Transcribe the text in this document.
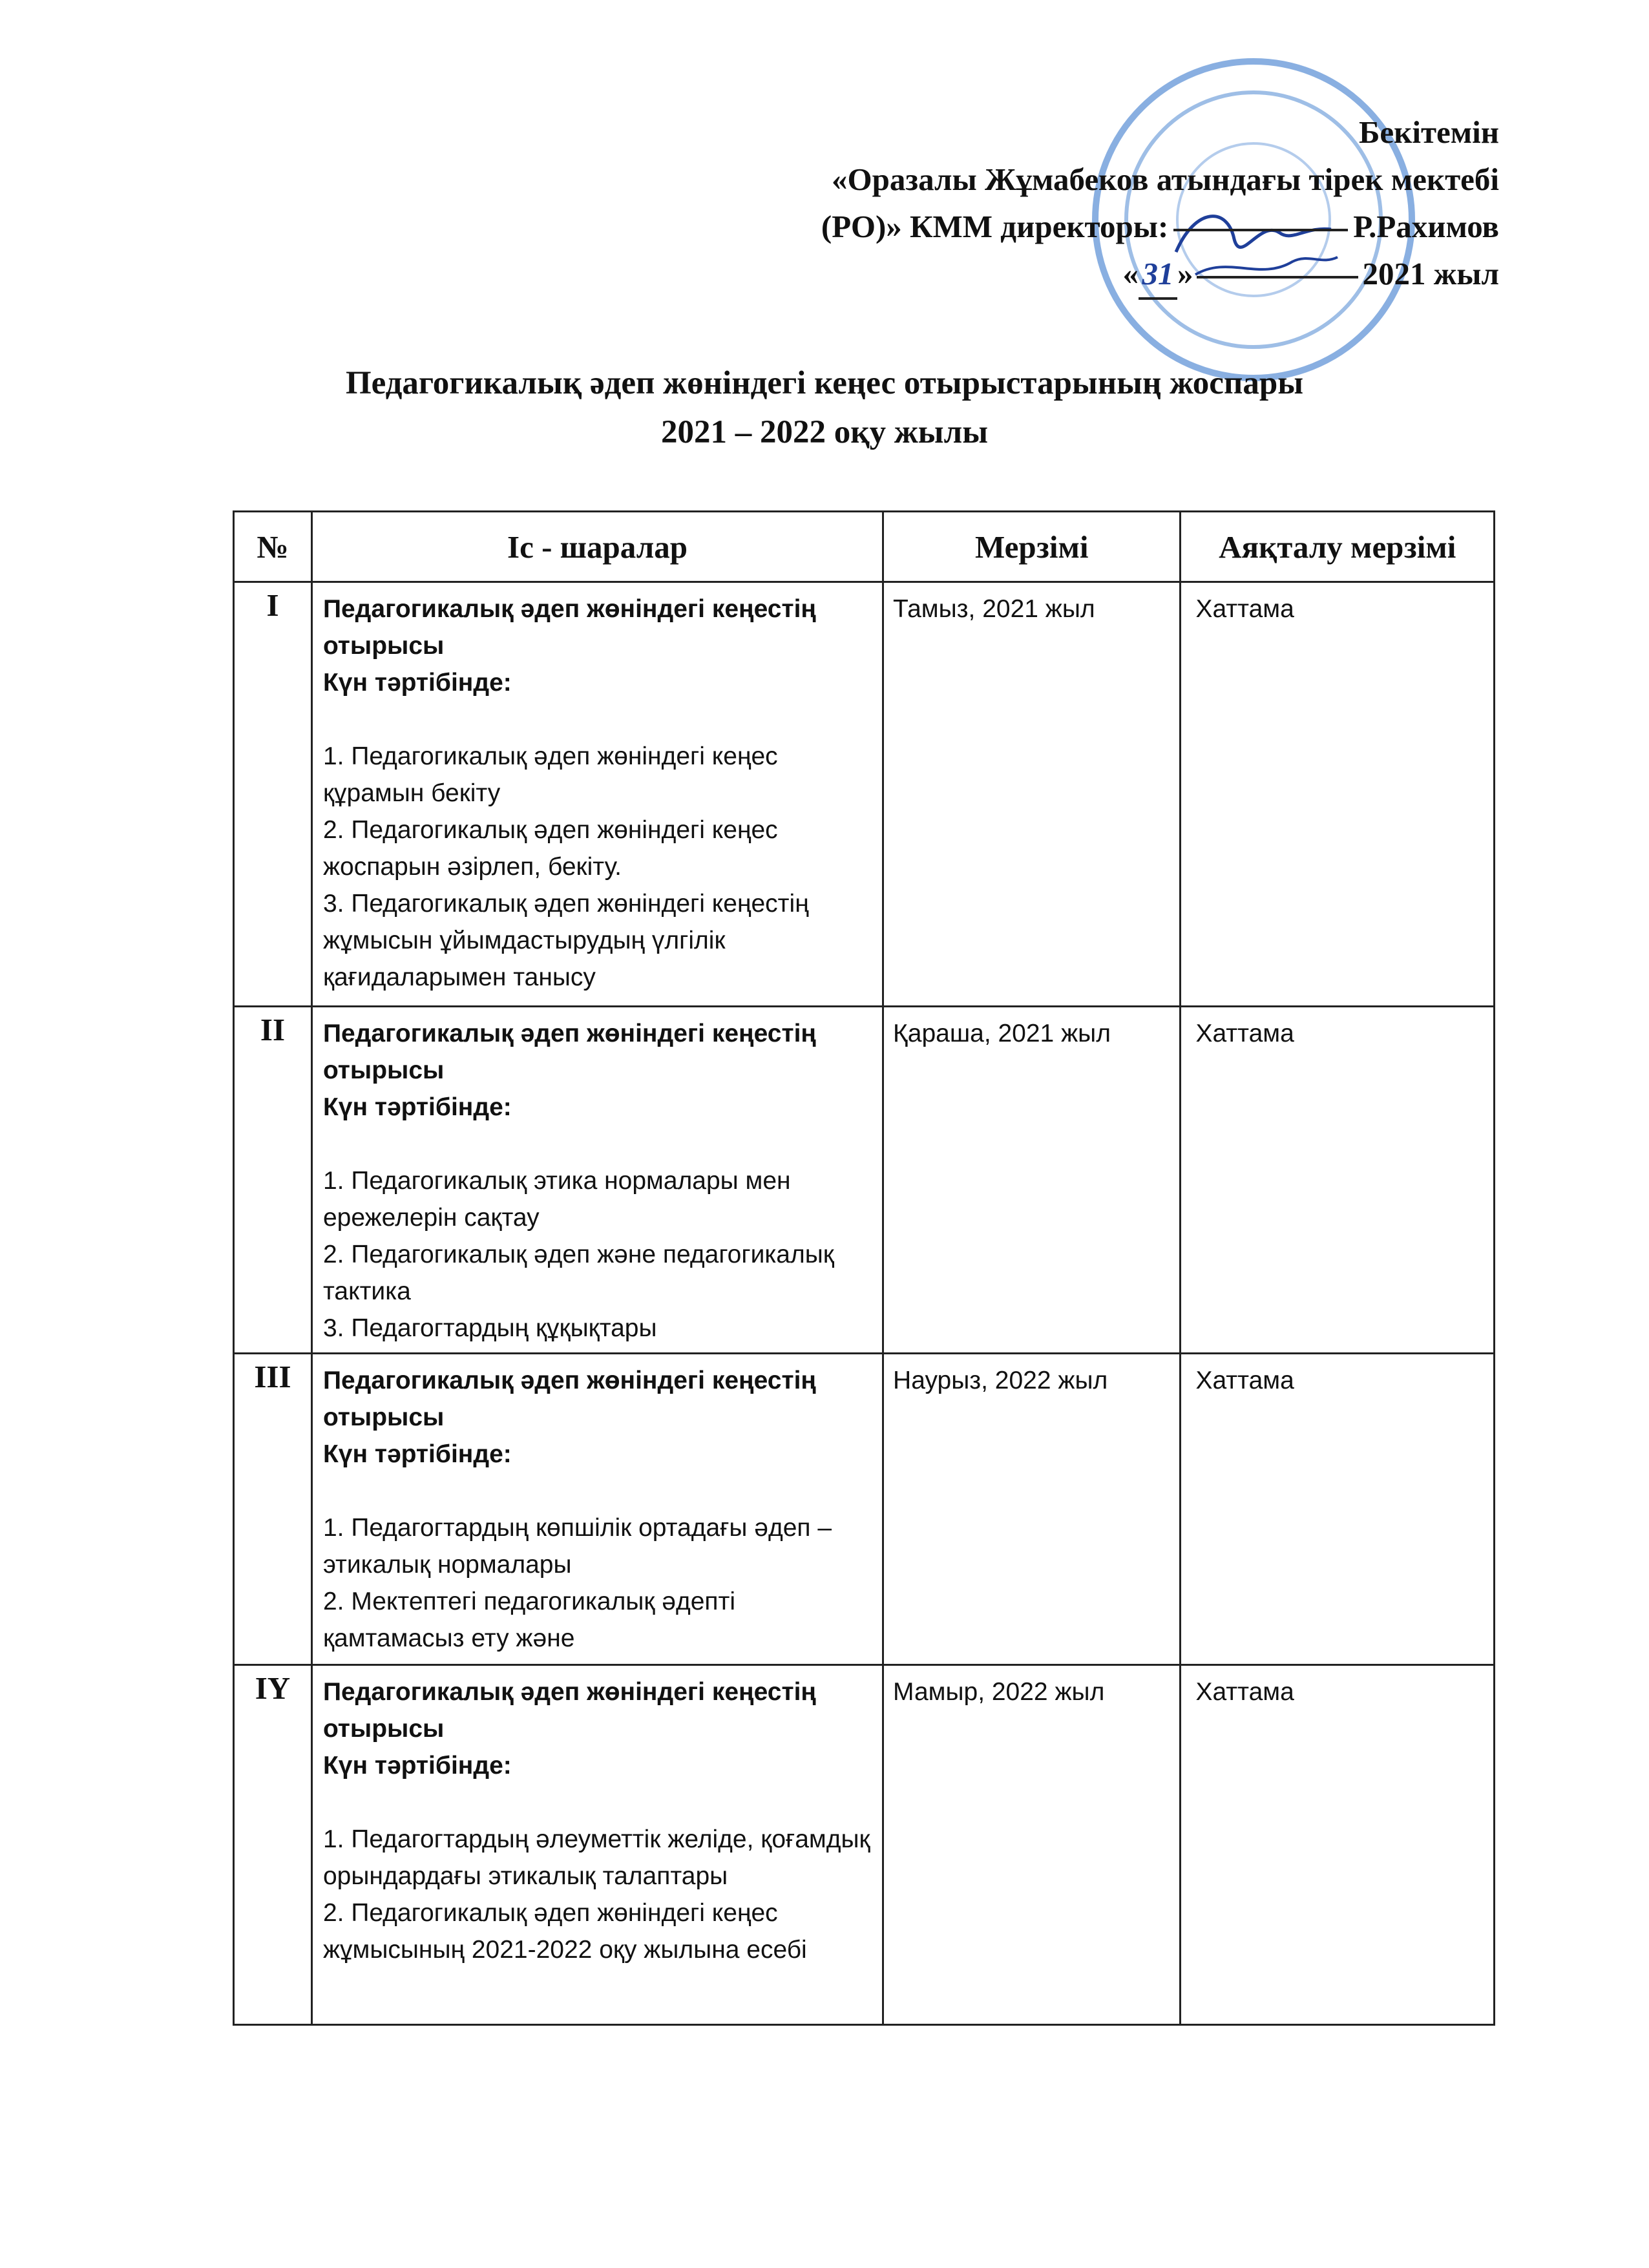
Бекітемін
«Оразалы Жұмабеков атындағы тірек мектебі
(РО)» КММ директоры:	Р.Рахимов
« 31 »	2021 жыл
Педагогикалық әдеп жөніндегі кеңес отырыстарының жоспары
2021 – 2022 оқу жылы
№	Іс - шаралар	Мерзімі	Аяқталу мерзімі
I	Педагогикалық әдеп жөніндегі кеңестің отырысы
Күн тәртібінде:
1. Педагогикалық әдеп жөніндегі кеңес құрамын бекіту
2. Педагогикалық әдеп жөніндегі кеңес жоспарын әзірлеп, бекіту.
3. Педагогикалық әдеп жөніндегі кеңестің жұмысын ұйымдастырудың үлгілік қағидаларымен танысу	Тамыз, 2021 жыл	Хаттама
II	Педагогикалық әдеп жөніндегі кеңестің отырысы
Күн тәртібінде:
1. Педагогикалық этика нормалары мен ережелерін сақтау
2. Педагогикалық әдеп және педагогикалық тактика
3. Педагогтардың құқықтары	Қараша, 2021 жыл	Хаттама
III	Педагогикалық әдеп жөніндегі кеңестің отырысы
Күн тәртібінде:
1. Педагогтардың көпшілік ортадағы әдеп – этикалық нормалары
2. Мектептегі педагогикалық әдепті қамтамасыз ету және	Наурыз, 2022 жыл	Хаттама
IY	Педагогикалық әдеп жөніндегі кеңестің отырысы
Күн тәртібінде:
1. Педагогтардың әлеуметтік желіде, қоғамдық орындардағы этикалық талаптары
2. Педагогикалық әдеп жөніндегі кеңес жұмысының 2021-2022 оқу жылына есебі	Мамыр, 2022 жыл	Хаттама
